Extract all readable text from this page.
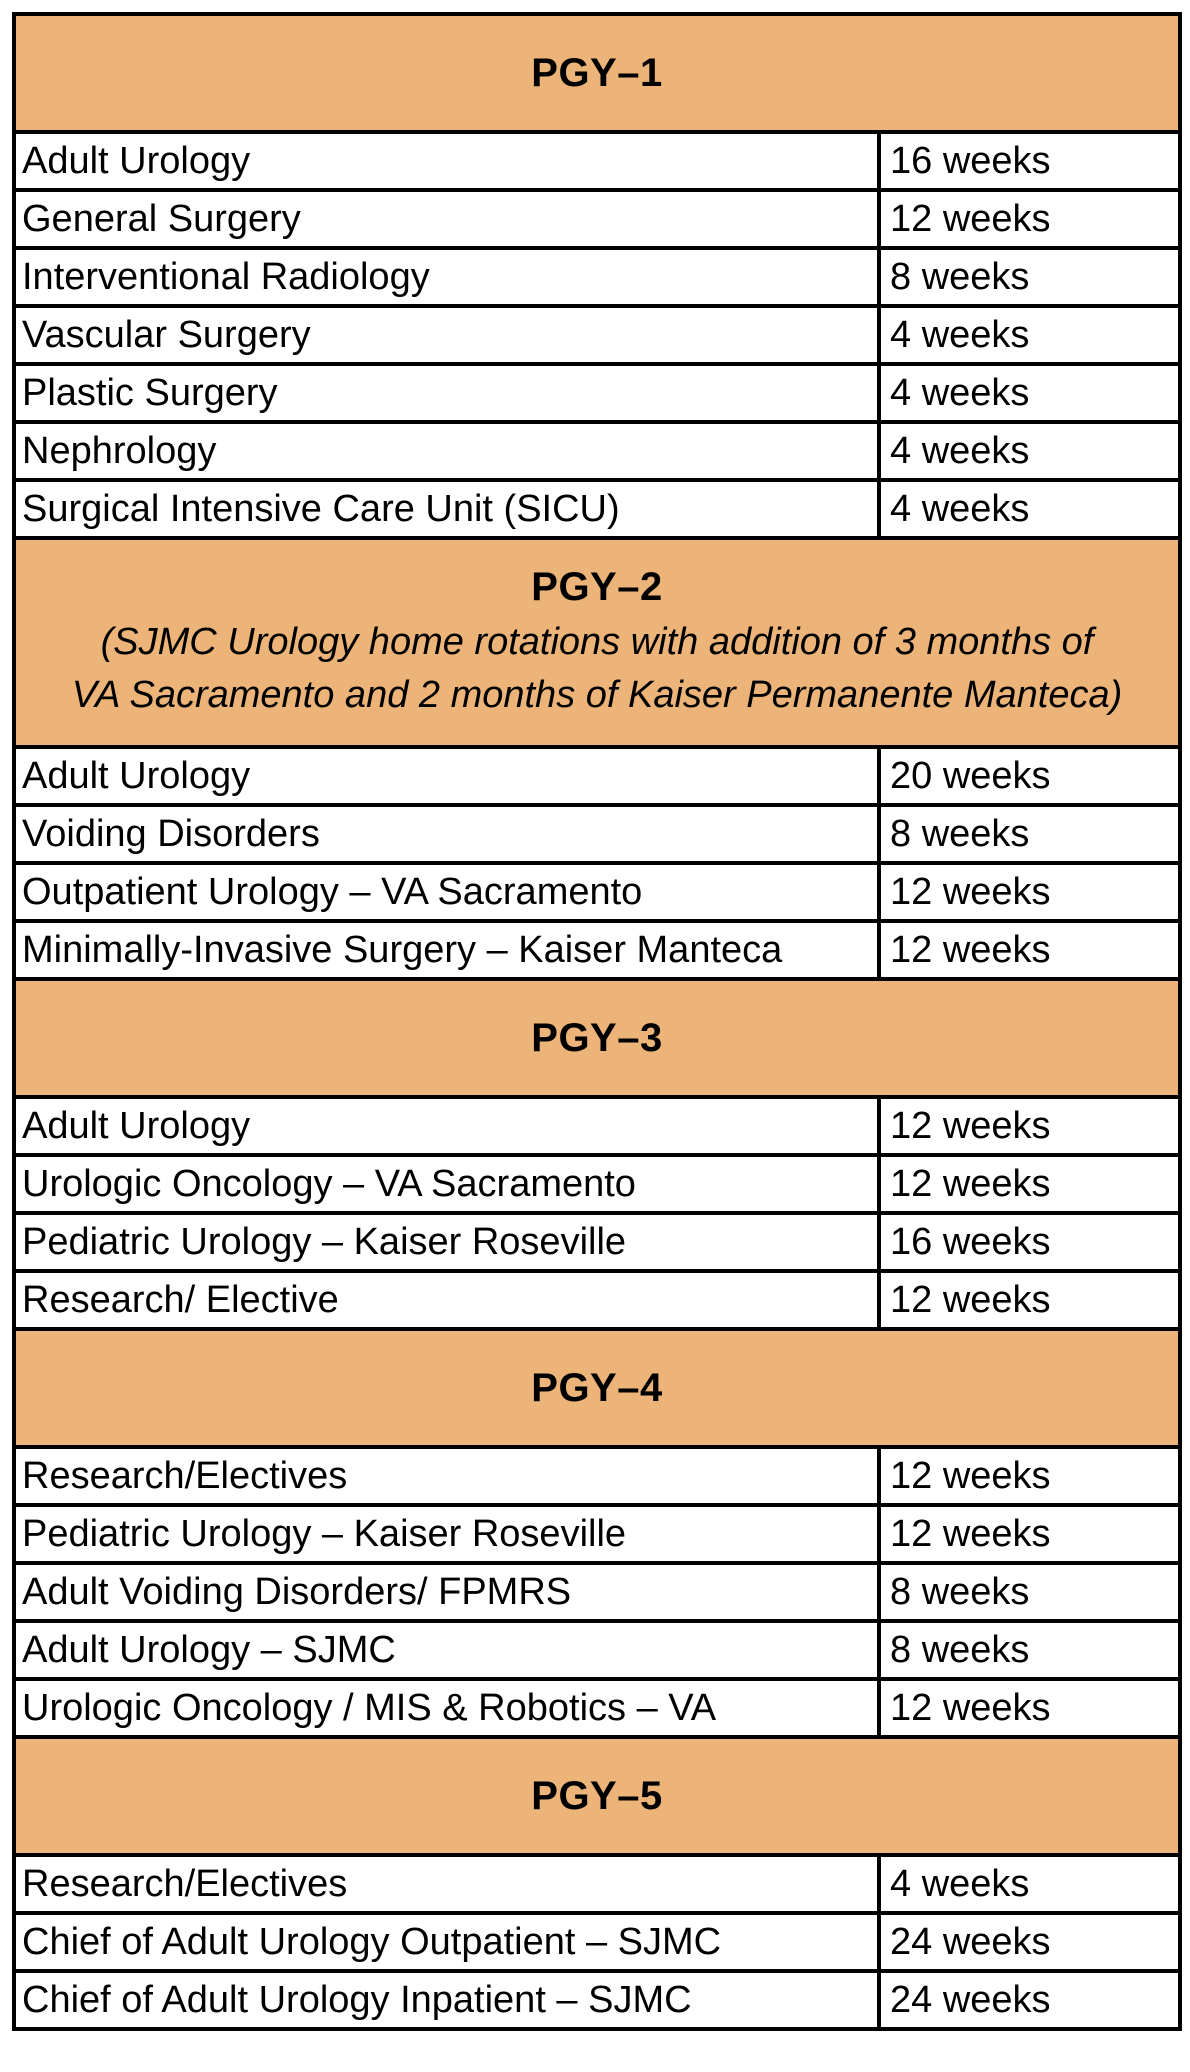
PGY–1	

Adult Urology	16 weeks
General Surgery	12 weeks
Interventional Radiology	8 weeks
Vascular Surgery	4 weeks
Plastic Surgery	4 weeks
Nephrology	4 weeks
Surgical Intensive Care Unit (SICU)	4 weeks

PGY–2
(SJMC Urology home rotations with addition of 3 months of
VA Sacramento and 2 months of Kaiser Permanente Manteca)	

Adult Urology	20 weeks
Voiding Disorders	8 weeks
Outpatient Urology – VA Sacramento	12 weeks
Minimally-Invasive Surgery – Kaiser Manteca	12 weeks

PGY–3	

Adult Urology	12 weeks
Urologic Oncology – VA Sacramento	12 weeks
Pediatric Urology – Kaiser Roseville	16 weeks
Research/ Elective	12 weeks

PGY–4	

Research/Electives	12 weeks
Pediatric Urology – Kaiser Roseville	12 weeks
Adult Voiding Disorders/ FPMRS	8 weeks
Adult Urology – SJMC	8 weeks
Urologic Oncology / MIS & Robotics – VA	12 weeks

PGY–5	

Research/Electives	4 weeks
Chief of Adult Urology Outpatient – SJMC	24 weeks
Chief of Adult Urology Inpatient – SJMC	24 weeks
